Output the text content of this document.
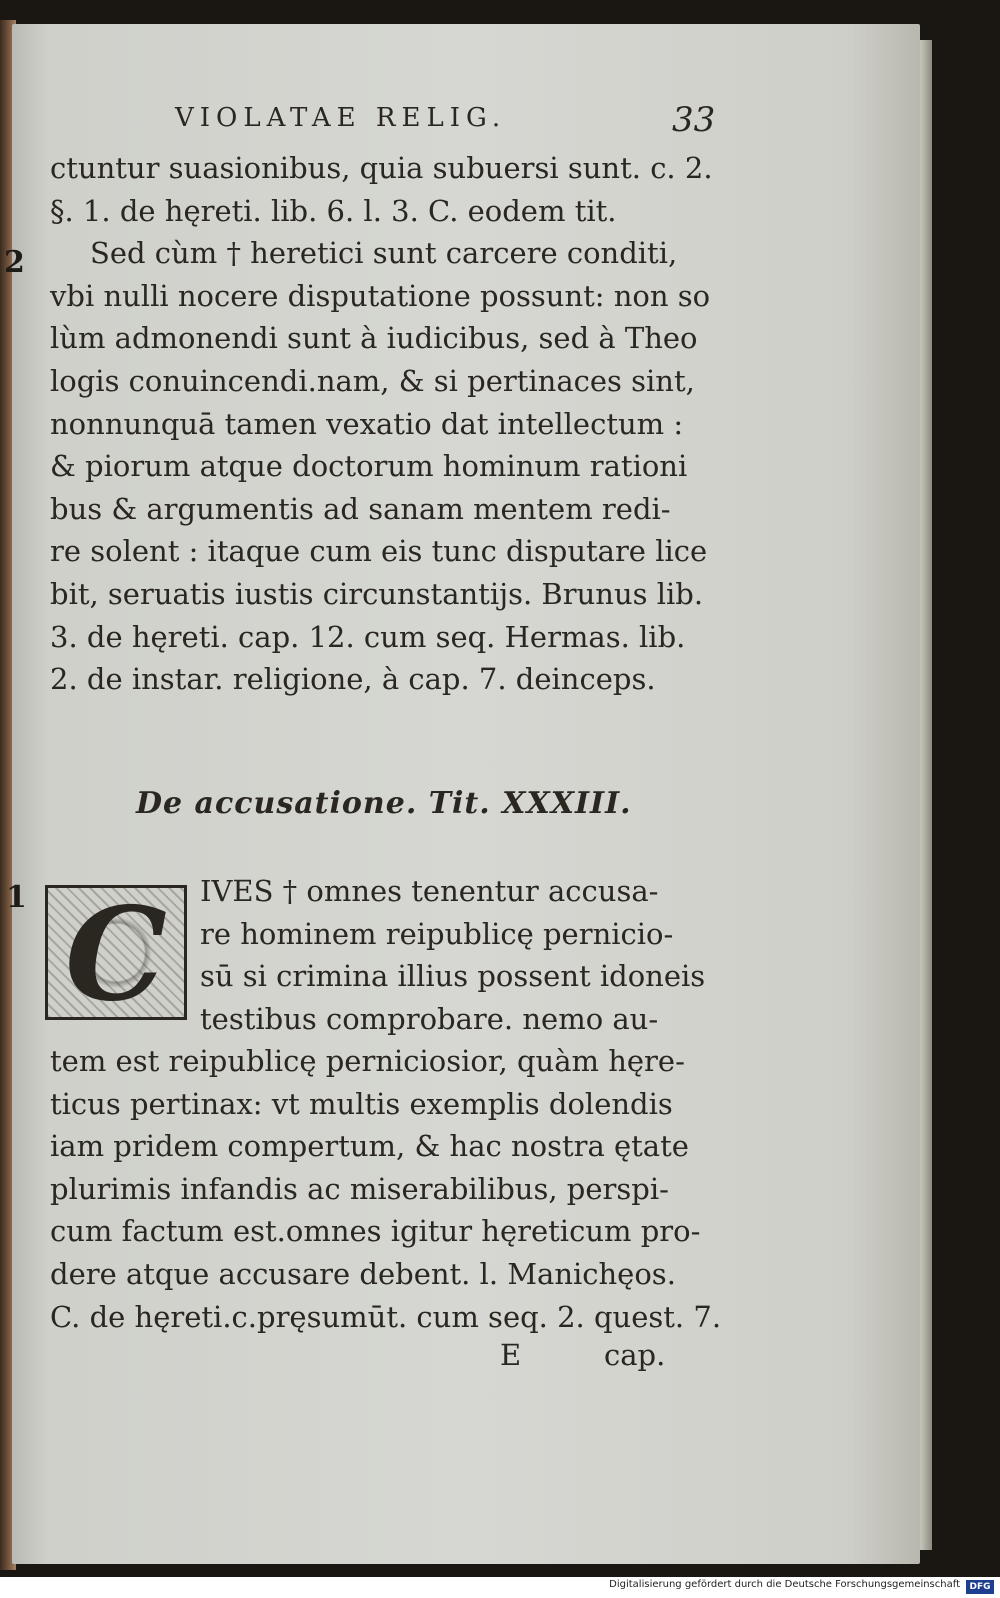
VIOLATAE RELIG.	33
2
1
ctuntur suasionibus, quia subuersi sunt. c. 2.
§. 1. de hęreti. lib. 6. l. 3. C. eodem tit.
Sed cùm † heretici sunt carcere conditi,
vbi nulli nocere disputatione possunt: non so
lùm admonendi sunt à iudicibus, sed à Theo
logis conuincendi.nam, & si pertinaces sint,
nonnunquā tamen vexatio dat intellectum :
& piorum atque doctorum hominum rationi
bus & argumentis ad sanam mentem redi-
re solent : itaque cum eis tunc disputare lice
bit, seruatis iustis circunstantijs. Brunus lib.
3. de hęreti. cap. 12. cum seq. Hermas. lib.
2. de instar. religione, à cap. 7. deinceps.
De accusatione. Tit. XXXIII.
C	IVES † omnes tenentur accusa-
re hominem reipublicę pernicio-
sū si crimina illius possent idoneis
testibus comprobare. nemo au-
tem est reipublicę perniciosior, quàm hęre-
ticus pertinax: vt multis exemplis dolendis
iam pridem compertum, & hac nostra ętate
plurimis infandis ac miserabilibus, perspi-
cum factum est.omnes igitur hęreticum pro-
dere atque accusare debent. l. Manichęos.
C. de hęreti.c.pręsumūt. cum seq. 2. quest. 7.
E	cap.
Digitalisierung gefördert durch die Deutsche Forschungsgemeinschaft	DFG
